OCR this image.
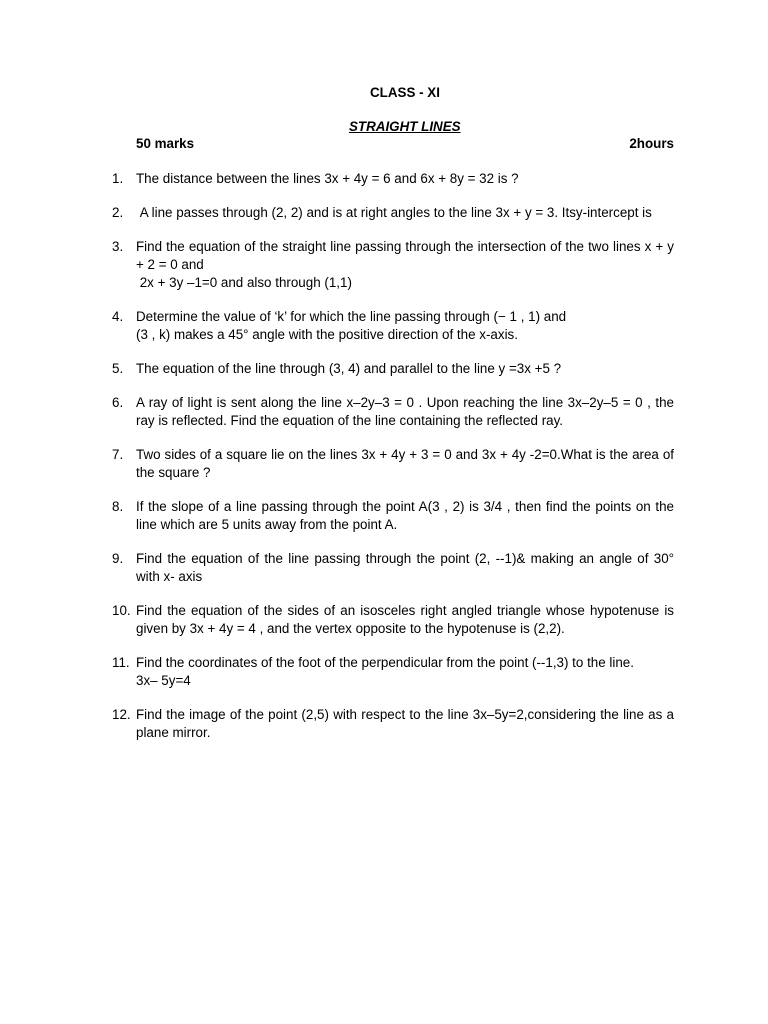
CLASS - XI
STRAIGHT LINES
50 marks	2hours
1. The distance between the lines 3x + 4y = 6 and 6x + 8y = 32 is ?
2. A line passes through (2, 2) and is at right angles to the line 3x + y = 3. Itsy-intercept is
3. Find the equation of the straight line passing through the intersection of the two lines x + y + 2 = 0 and
2x + 3y –1=0 and also through (1,1)
4. Determine the value of ‘k’ for which the line passing through (− 1 , 1) and
(3 , k) makes a 45° angle with the positive direction of the x-axis.
5. The equation of the line through (3, 4) and parallel to the line y =3x +5 ?
6. A ray of light is sent along the line x–2y–3 = 0 . Upon reaching the line 3x–2y–5 = 0 , the ray is reflected. Find the equation of the line containing the reflected ray.
7. Two sides of a square lie on the lines 3x + 4y + 3 = 0 and 3x + 4y -2=0.What is the area of the square ?
8. If the slope of a line passing through the point A(3 , 2) is 3/4 , then find the points on the line which are 5 units away from the point A.
9. Find the equation of the line passing through the point (2, --1)& making an angle of 30° with x- axis
10. Find the equation of the sides of an isosceles right angled triangle whose hypotenuse is given by 3x + 4y = 4 , and the vertex opposite to the hypotenuse is (2,2).
11. Find the coordinates of the foot of the perpendicular from the point (--1,3) to the line.
3x– 5y=4
12. Find the image of the point (2,5) with respect to the line 3x–5y=2,considering the line as a plane mirror.
